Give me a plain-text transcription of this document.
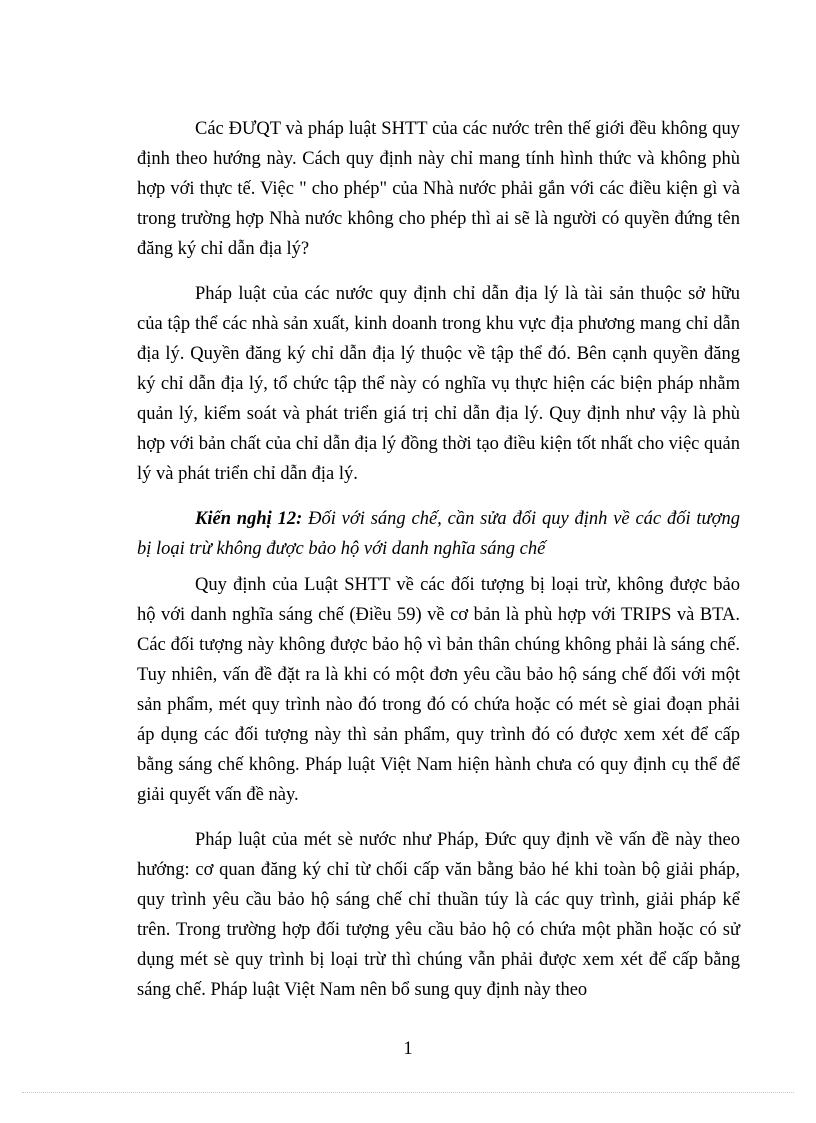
Các ĐƯQT và pháp luật SHTT của các nước trên thế giới đều không quy định theo hướng này. Cách quy định này chỉ mang tính hình thức và không phù hợp với thực tế. Việc " cho phép" của Nhà nước phải gắn với các điều kiện gì và trong trường hợp Nhà nước không cho phép thì ai sẽ là người có quyền đứng tên đăng ký chỉ dẫn địa lý?

Pháp luật của các nước quy định chỉ dẫn địa lý là tài sản thuộc sở hữu của tập thể các nhà sản xuất, kinh doanh trong khu vực địa phương mang chỉ dẫn địa lý. Quyền đăng ký chỉ dẫn địa lý thuộc về tập thể đó. Bên cạnh quyền đăng ký chỉ dẫn địa lý, tổ chức tập thể này có nghĩa vụ thực hiện các biện pháp nhằm quản lý, kiểm soát và phát triển giá trị chỉ dẫn địa lý. Quy định như vậy là phù hợp với bản chất của chỉ dẫn địa lý đồng thời tạo điều kiện tốt nhất cho việc quản lý và phát triển chỉ dẫn địa lý.

Kiến nghị 12: Đối với sáng chế, cần sửa đổi quy định về các đối tượng bị loại trừ không được bảo hộ với danh nghĩa sáng chế

Quy định của Luật SHTT về các đối tượng bị loại trừ, không được bảo hộ với danh nghĩa sáng chế (Điều 59) về cơ bản là phù hợp với TRIPS và BTA. Các đối tượng này không được bảo hộ vì bản thân chúng không phải là sáng chế. Tuy nhiên, vấn đề đặt ra là khi có một đơn yêu cầu bảo hộ sáng chế đối với một sản phẩm, mét quy trình nào đó trong đó có chứa hoặc có mét sè giai đoạn phải áp dụng các đối tượng này thì sản phẩm, quy trình đó có được xem xét để cấp bằng sáng chế không. Pháp luật Việt Nam hiện hành chưa có quy định cụ thể để giải quyết vấn đề này.

Pháp luật của mét sè nước như Pháp, Đức quy định về vấn đề này theo hướng: cơ quan đăng ký chỉ từ chối cấp văn bằng bảo hé khi toàn bộ giải pháp, quy trình yêu cầu bảo hộ sáng chế chỉ thuần túy là các quy trình, giải pháp kể trên. Trong trường hợp đối tượng yêu cầu bảo hộ có chứa một phần hoặc có sử dụng mét sè quy trình bị loại trừ thì chúng vẫn phải được xem xét để cấp bằng sáng chế. Pháp luật Việt Nam nên bổ sung quy định này theo

1
